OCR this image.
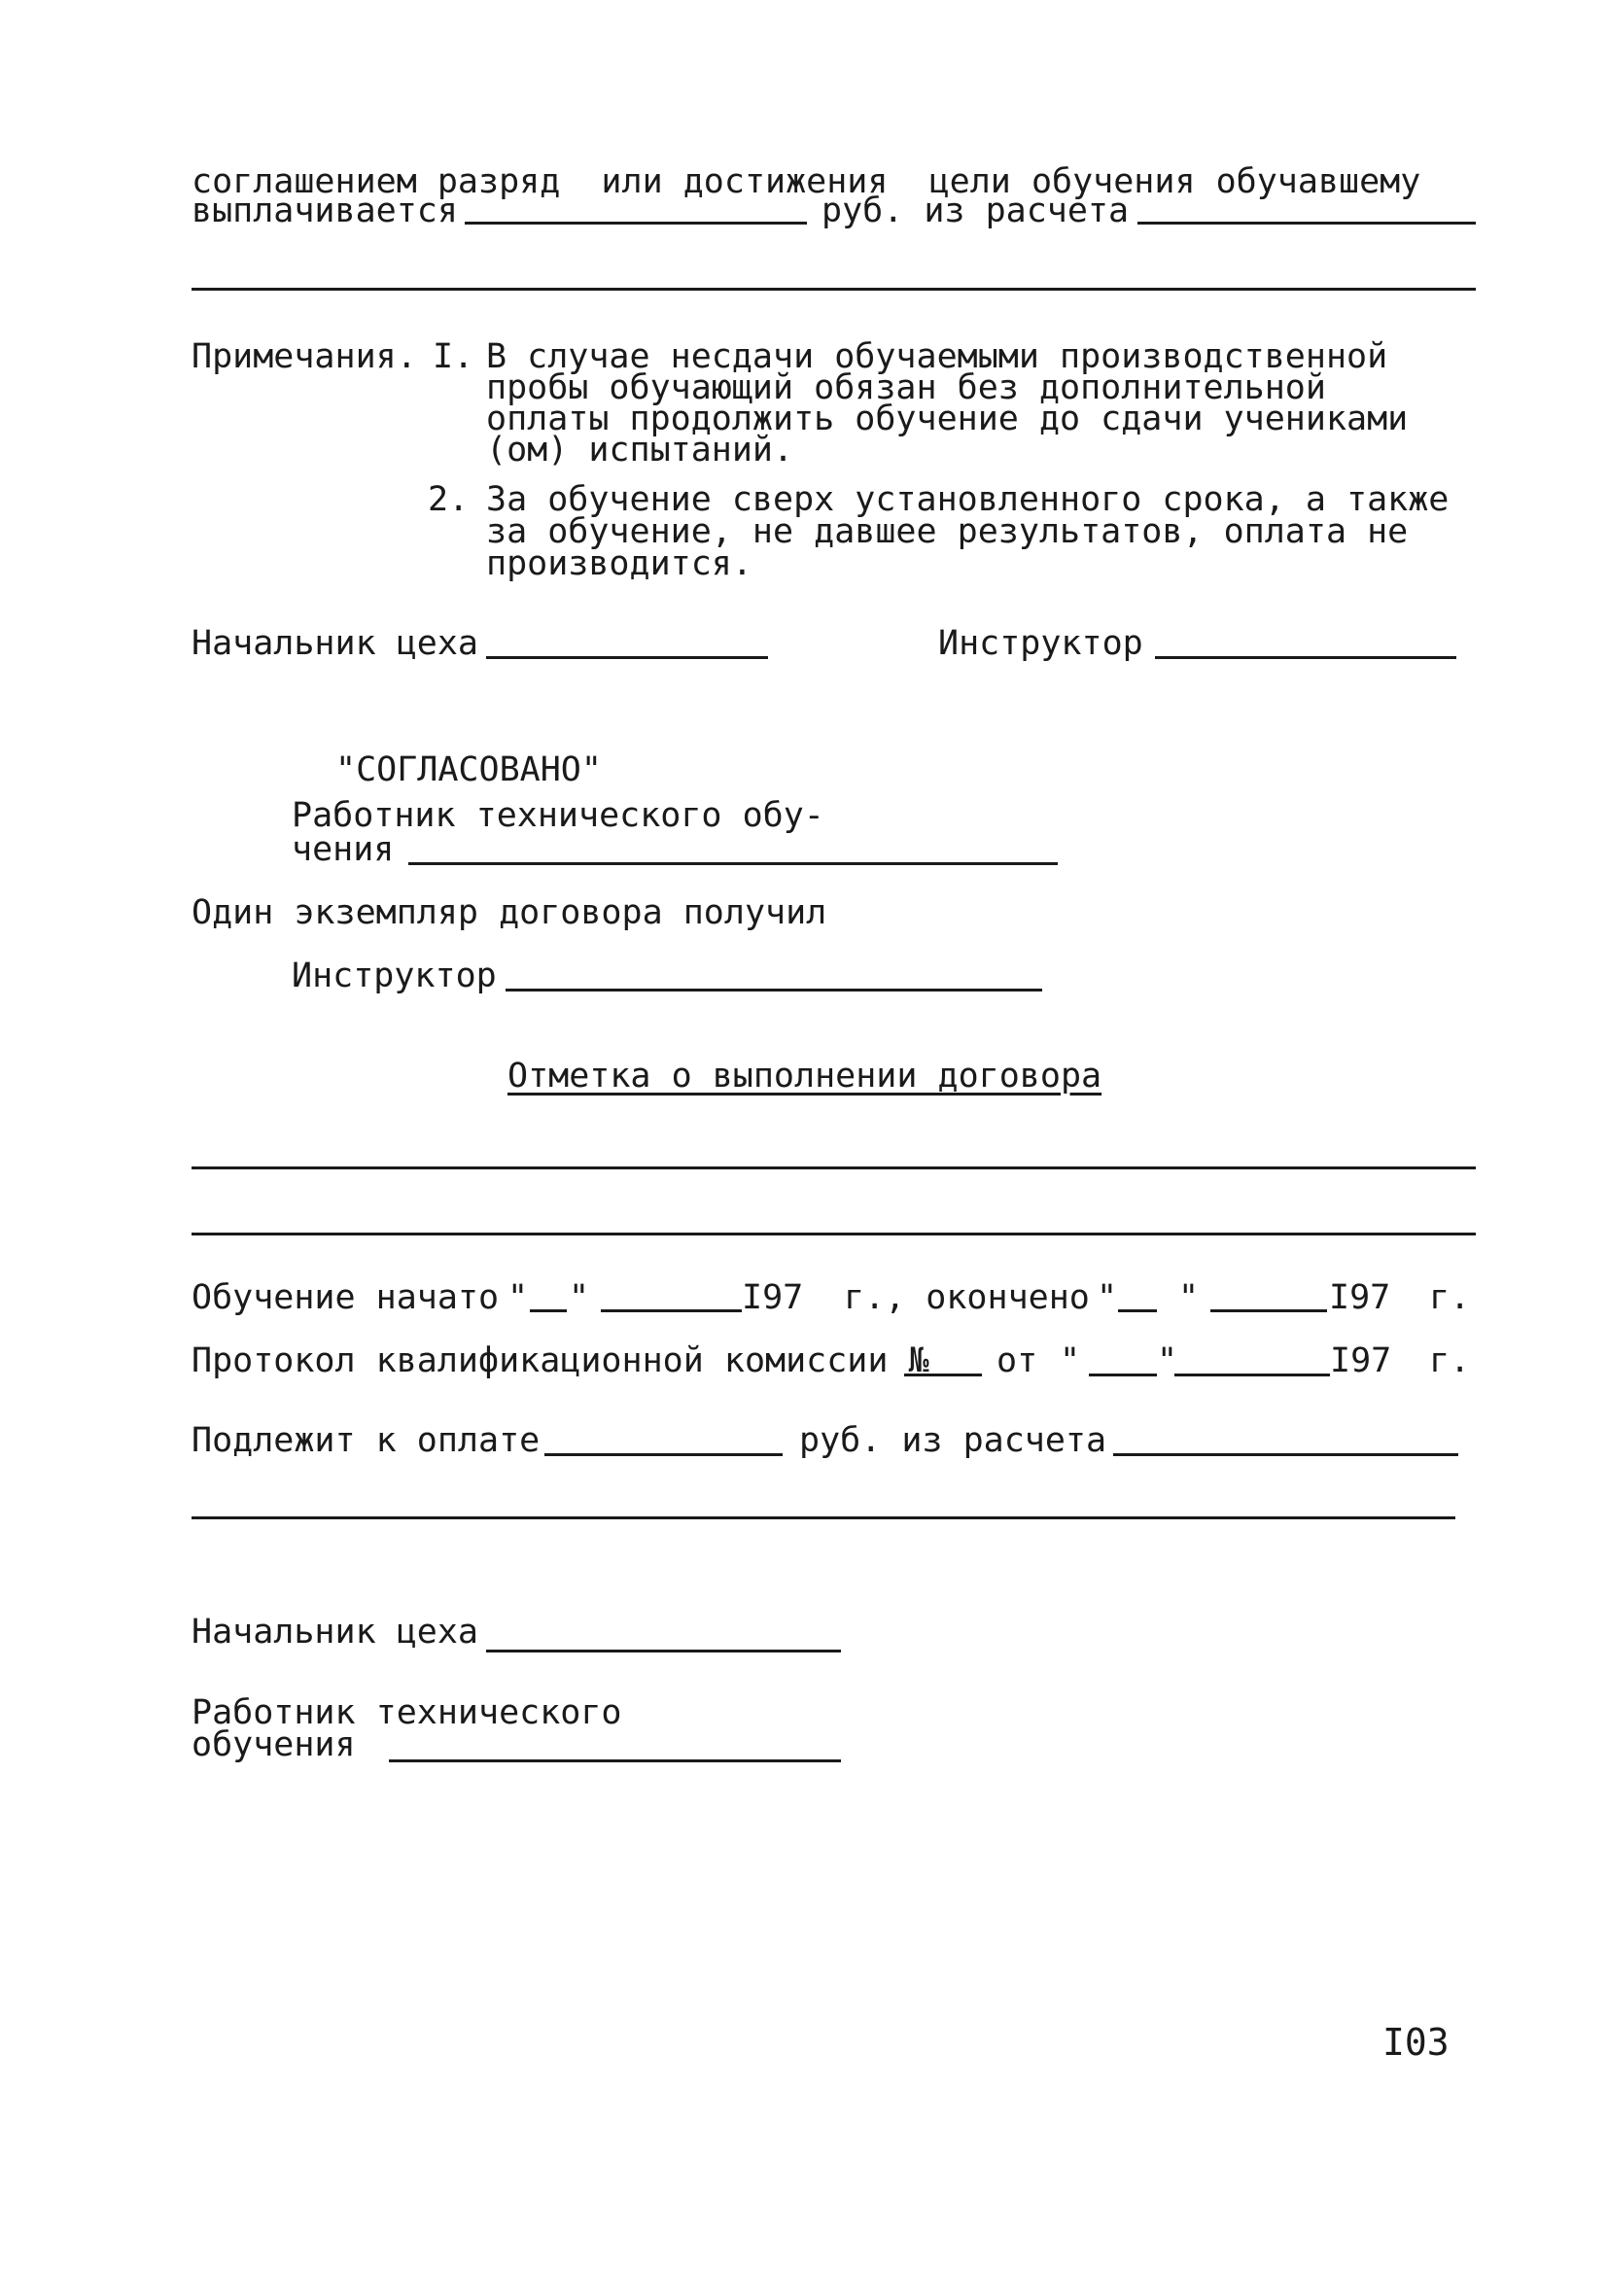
соглашением разряд  или достижения  цели обучения обучавшему
выплачивается	руб. из расчета
Примечания. I. В случае несдачи обучаемыми производственной
пробы обучающий обязан без дополнительной
оплаты продолжить обучение до сдачи учениками
(ом) испытаний.
2. За обучение сверх установленного срока, а также
за обучение, не давшее результатов, оплата не
производится.
Начальник цеха	Инструктор
"СОГЛАСОВАНО"
Работник технического обу-
чения
Один экземпляр договора получил
Инструктор
Отметка о выполнении договора
Обучение начато " "	I97 г., окончено " "	I97 г.
Протокол квалификационной комиссии № от " "	I97 г.
Подлежит к оплате	руб. из расчета
Начальник цеха
Работник технического
обучения
I03
